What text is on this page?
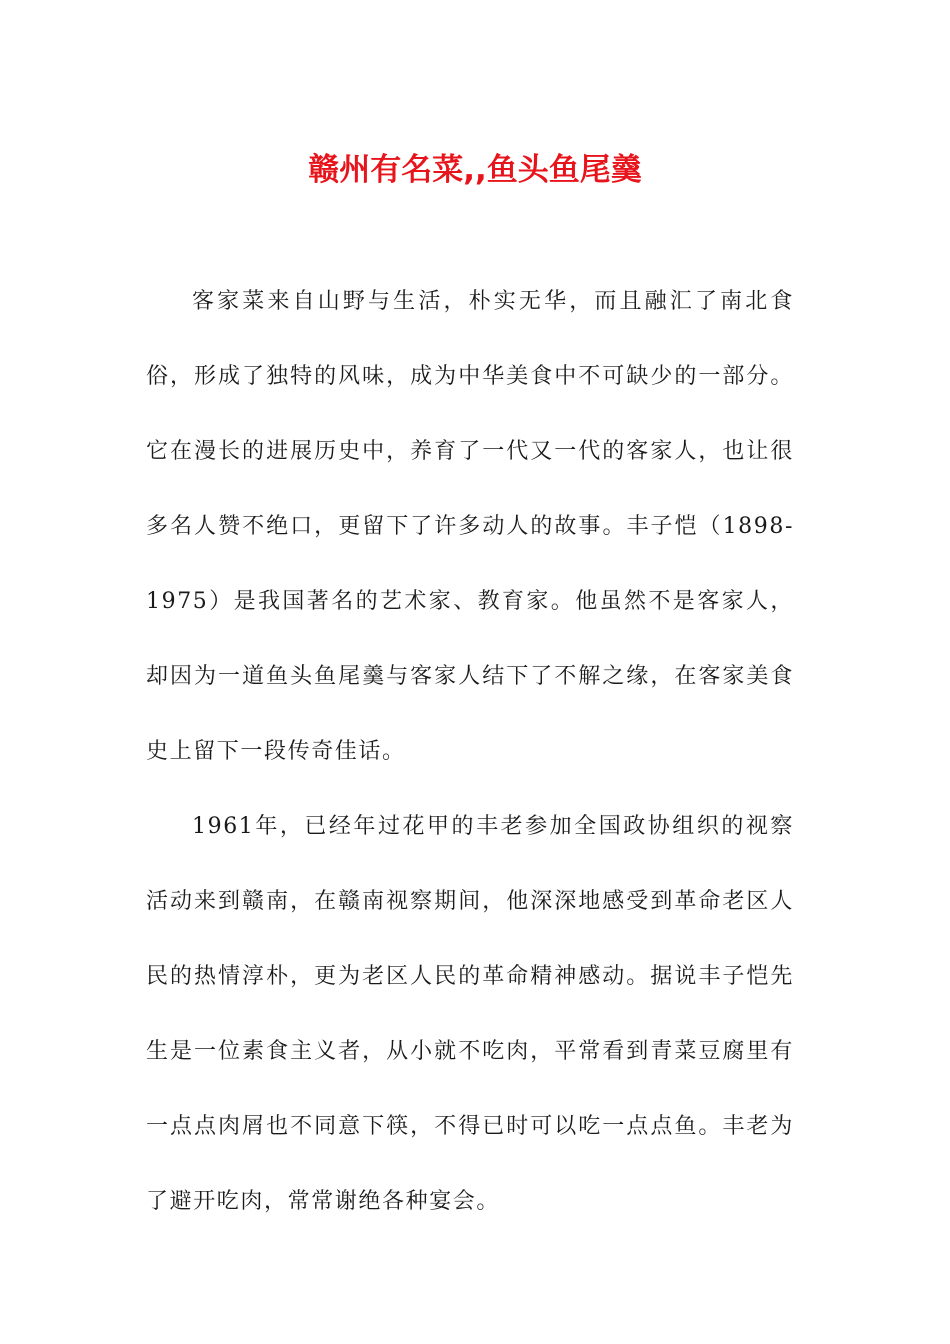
赣州有名菜,,鱼头鱼尾羹

客家菜来自山野与生活，朴实无华，而且融汇了南北食俗，形成了独特的风味，成为中华美食中不可缺少的一部分。它在漫长的进展历史中，养育了一代又一代的客家人，也让很多名人赞不绝口，更留下了许多动人的故事。丰子恺（1898-1975）是我国著名的艺术家、教育家。他虽然不是客家人，却因为一道鱼头鱼尾羹与客家人结下了不解之缘，在客家美食史上留下一段传奇佳话。

1961年，已经年过花甲的丰老参加全国政协组织的视察活动来到赣南，在赣南视察期间，他深深地感受到革命老区人民的热情淳朴，更为老区人民的革命精神感动。据说丰子恺先生是一位素食主义者，从小就不吃肉，平常看到青菜豆腐里有一点点肉屑也不同意下筷，不得已时可以吃一点点鱼。丰老为了避开吃肉，常常谢绝各种宴会。
